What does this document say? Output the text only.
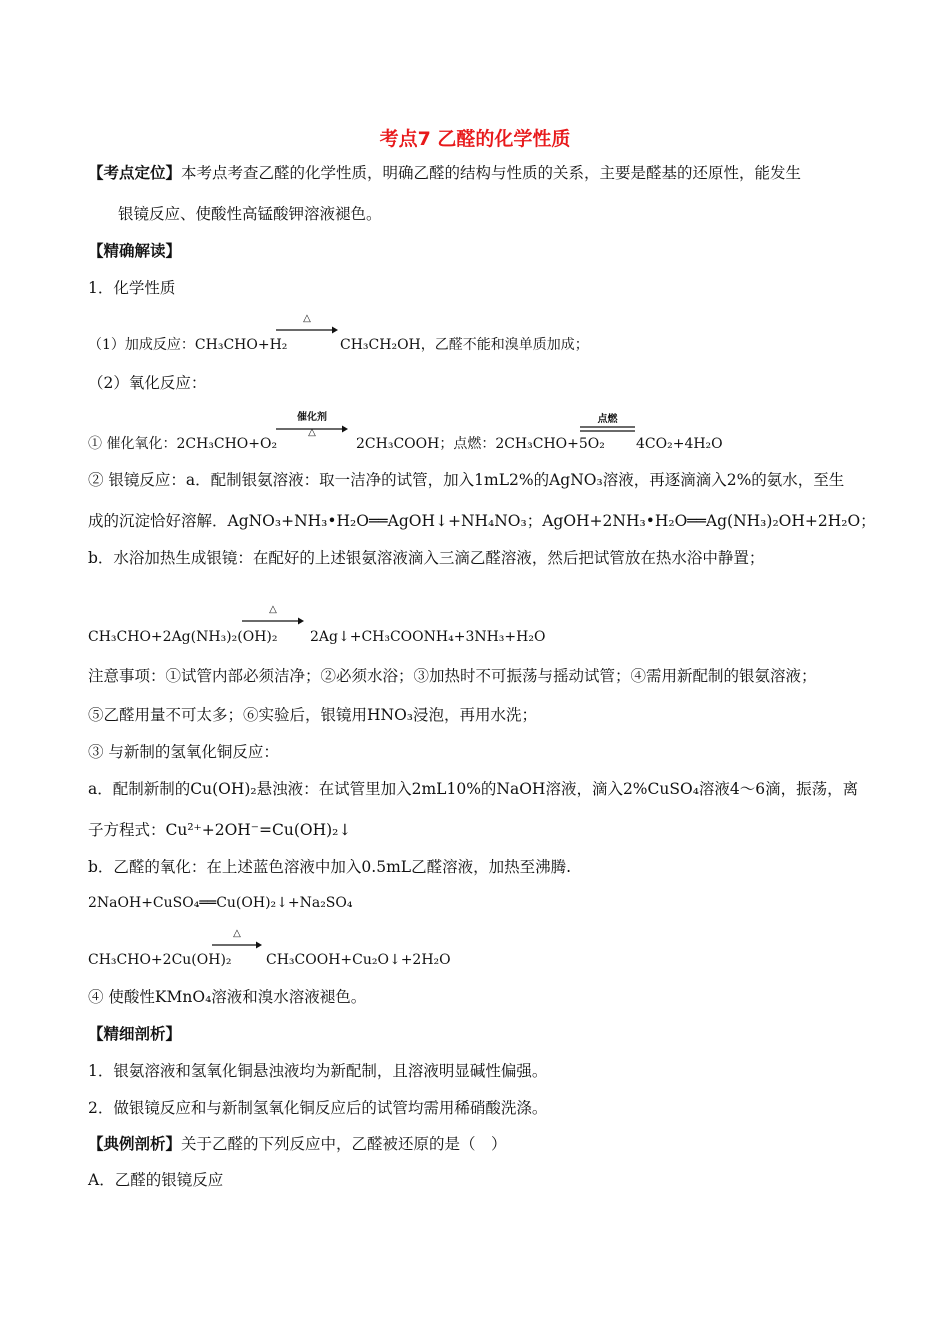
考点7 乙醛的化学性质
【考点定位】本考点考查乙醛的化学性质，明确乙醛的结构与性质的关系，主要是醛基的还原性，能发生
银镜反应、使酸性高锰酸钾溶液褪色。
【精确解读】
1．化学性质
（1）加成反应：CH₃CHO+H₂
△
CH₃CH₂OH，乙醛不能和溴单质加成；
（2）氧化反应：
① 催化氧化：2CH₃CHO+O₂
催化剂
△
2CH₃COOH；点燃：2CH₃CHO+5O₂
点燃
4CO₂+4H₂O
② 银镜反应：a．配制银氨溶液：取一洁净的试管，加入1mL2%的AgNO₃溶液，再逐滴滴入2%的氨水，至生
成的沉淀恰好溶解．AgNO₃+NH₃•H₂O══AgOH↓+NH₄NO₃；AgOH+2NH₃•H₂O══Ag(NH₃)₂OH+2H₂O；
b．水浴加热生成银镜：在配好的上述银氨溶液滴入三滴乙醛溶液，然后把试管放在热水浴中静置；
CH₃CHO+2Ag(NH₃)₂(OH)₂
△
2Ag↓+CH₃COONH₄+3NH₃+H₂O
注意事项：①试管内部必须洁净；②必须水浴；③加热时不可振荡与摇动试管；④需用新配制的银氨溶液；
⑤乙醛用量不可太多；⑥实验后，银镜用HNO₃浸泡，再用水洗；
③ 与新制的氢氧化铜反应：
a．配制新制的Cu(OH)₂悬浊液：在试管里加入2mL10%的NaOH溶液，滴入2%CuSO₄溶液4～6滴，振荡，离
子方程式：Cu²⁺+2OH⁻=Cu(OH)₂↓
b．乙醛的氧化：在上述蓝色溶液中加入0.5mL乙醛溶液，加热至沸腾.
2NaOH+CuSO₄══Cu(OH)₂↓+Na₂SO₄
CH₃CHO+2Cu(OH)₂
△
CH₃COOH+Cu₂O↓+2H₂O
④ 使酸性KMnO₄溶液和溴水溶液褪色。
【精细剖析】
1．银氨溶液和氢氧化铜悬浊液均为新配制，且溶液明显碱性偏强。
2．做银镜反应和与新制氢氧化铜反应后的试管均需用稀硝酸洗涤。
【典例剖析】关于乙醛的下列反应中，乙醛被还原的是（　）
A．乙醛的银镜反应
